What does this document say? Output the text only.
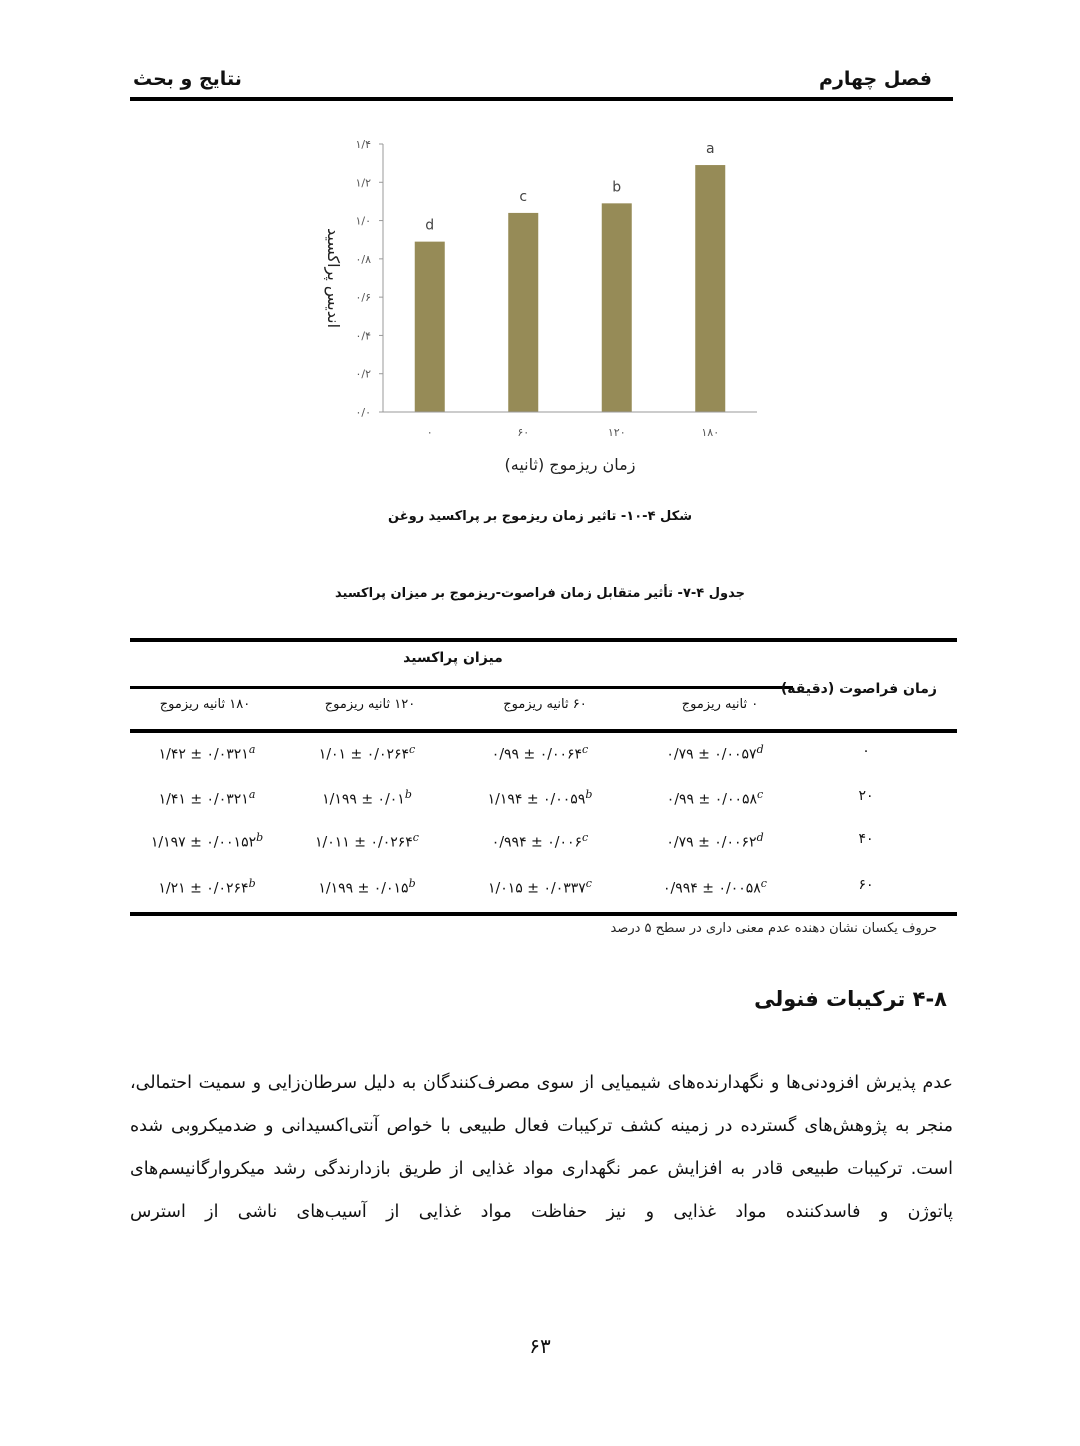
فصل چهارم
نتایج و بحث
۰/۰
۰/۲
۰/۴
۰/۶
۰/۸
۱/۰
۱/۲
۱/۴
d
c
b
a
۰	۶۰	۱۲۰	۱۸۰
اندیس پراکسید
زمان ریزموج (ثانیه)
شکل ۴-۱۰- تاثیر زمان ریزموج بر پراکسید روغن
جدول ۴-۷- تأثیر متقابل زمان فراصوت-ریزموج بر میزان پراکسید
میزان پراکسید
زمان فراصوت (دقیقه)
۰ ثانیه ریزموج
۶۰ ثانیه ریزموج
۱۲۰ ثانیه ریزموج
۱۸۰ ثانیه ریزموج
۰
۰/۷۹ ± $۰/۰۰۵۷^d$
۰/۹۹ ± $۰/۰۰۶۴^c$
۱/۰۱ ± $۰/۰۲۶۴^c$
۱/۴۲ ± $۰/۰۳۲۱^a$
۲۰
۰/۹۹ ± $۰/۰۰۵۸^c$
۱/۱۹۴ ± $۰/۰۰۵۹^b$
۱/۱۹۹ ± $۰/۰۱^b$
۱/۴۱ ± $۰/۰۳۲۱^a$
۴۰
۰/۷۹ ± $۰/۰۰۶۲^d$
۰/۹۹۴ ± $۰/۰۰۶^c$
۱/۰۱۱ ± $۰/۰۲۶۴^c$
۱/۱۹۷ ± $۰/۰۰۱۵۲^b$
۶۰
۰/۹۹۴ ± $۰/۰۰۵۸^c$
۱/۰۱۵ ± $۰/۰۳۳۷^c$
۱/۱۹۹ ± $۰/۰۱۵^b$
۱/۲۱ ± $۰/۰۲۶۴^b$
حروف یکسان نشان دهنده عدم معنی داری در سطح ۵ درصد
۴-۸ ترکیبات فنولی

عدم پذیرش افزودنی‌ها و نگهدارنده‌های شیمیایی از سوی مصرف‌کنندگان به دلیل سرطان‌زایی و سمیت احتمالی، منجر به پژوهش‌های گسترده در زمینه کشف ترکیبات فعال طبیعی با خواص آنتی‌اکسیدانی و ضدمیکروبی شده است. ترکیبات طبیعی قادر به افزایش عمر نگهداری مواد غذایی از طریق بازدارندگی رشد میکروارگانیسم‌های پاتوژن و فاسدکننده مواد غذایی و نیز حفاظت مواد غذایی از آسیب‌های ناشی از استرس

۶۳
